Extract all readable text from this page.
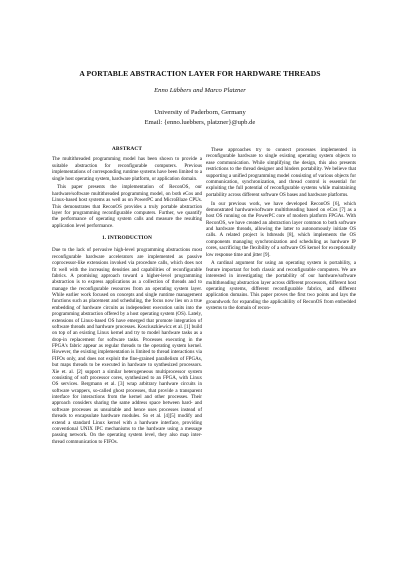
A PORTABLE ABSTRACTION LAYER FOR HARDWARE THREADS
Enno Lübbers and Marco Platzner
University of Paderborn, Germany
Email: {enno.luebbers, platzner}@upb.de
ABSTRACT

The multithreaded programming model has been shown to provide a suitable abstraction for reconfigurable computers. Previous implementations of corresponding runtime systems have been limited to a single host operating system, hardware platform, or application domain.

This paper presents the implementation of ReconOS, our hardware/software multithreaded programming model, on both eCos and Linux-based host systems as well as on PowerPC and MicroBlaze CPUs. This demonstrates that ReconOS provides a truly portable abstraction layer for programming reconfigurable computers. Further, we quantify the performance of operating system calls and measure the resulting application level performance.

1. INTRODUCTION

Due to the lack of pervasive high-level programming abstractions most reconfigurable hardware accelerators are implemented as passive coprocessor-like extensions invoked via procedure calls, which does not fit well with the increasing densities and capabilities of reconfigurable fabrics. A promising approach toward a higher-level programming abstraction is to express applications as a collection of threads and to manage the reconfigurable resources from an operating system layer. While earlier work focused on concepts and single runtime management functions such as placement and scheduling, the focus now lies on a true embedding of hardware circuits as independent execution units into the programming abstraction offered by a host operating system (OS). Lately, extensions of Linux-based OS have emerged that promote integration of software threads and hardware processes. Kosciuszkiewicz et al. [1] build on top of an existing Linux kernel and try to model hardware tasks as a drop-in replacement for software tasks. Processes executing in the FPGA's fabric appear as regular threads to the operating system kernel. However, the existing implementation is limited to thread interactions via FIFOs only, and does not exploit the fine-grained parallelism of FPGAs, but maps threads to be executed in hardware to synthesized processors. Xie et. al. [2] support a similar heterogeneous multiprocessor system consisting of soft processor cores, synthesized to an FPGA, with Linux OS services. Bergmann et al. [3] wrap arbitrary hardware circuits in software wrappers, so-called ghost processes, that provide a transparent interface for interactions from the kernel and other processes. Their approach considers sharing the same address space between hard- and software processes as unsuitable and hence uses processes instead of threads to encapsulate hardware modules. So et al. [4][5] modify and extend a standard Linux kernel with a hardware interface, providing conventional UNIX IPC mechanisms to the hardware using a message passing network. On the operating system level, they also map inter-thread communication to FIFOs.

These approaches try to connect processes implemented in reconfigurable hardware to single existing operating system objects to ease communication. While simplifying the design, this also presents restrictions to the thread designer and hinders portability. We believe that supporting a unified programming model consisting of various objects for communication, synchronization, and thread control is essential for exploiting the full potential of reconfigurable systems while maintaining portability across different software OS bases and hardware platforms.

In our previous work, we have developed ReconOS [6], which demonstrated hardware/software multithreading based on eCos [7] as a host OS running on the PowerPC core of modern platform FPGAs. With ReconOS, we have created an abstraction layer common to both software and hardware threads, allowing the latter to autonomously initiate OS calls. A related project is hthreads [8], which implements the OS components managing synchronization and scheduling as hardware IP cores, sacrificing the flexibility of a software OS kernel for exceptionally low response time and jitter [9].

A cardinal argument for using an operating system is portability, a feature important for both classic and reconfigurable computers. We are interested in investigating the portability of our hardware/software multithreading abstraction layer across different processors, different host operating systems, different reconfigurable fabrics, and different application domains. This paper proves the first two points and lays the groundwork for expanding the applicability of ReconOS from embedded systems to the domain of recon-
